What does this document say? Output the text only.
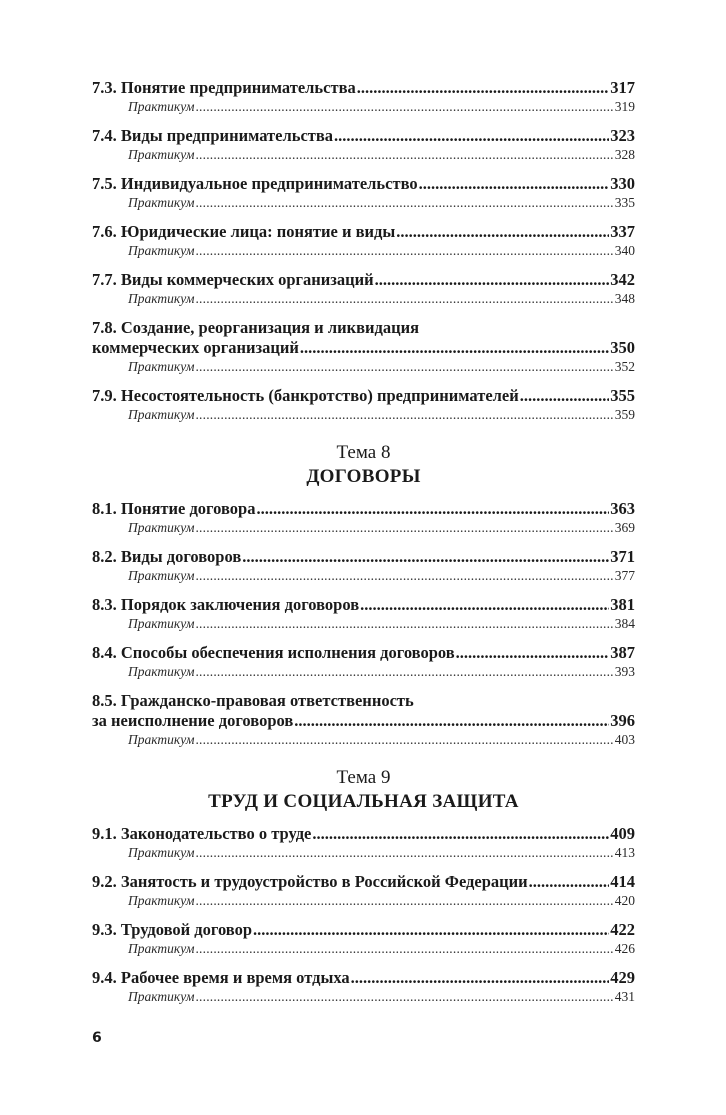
7.3. Понятие предпринимательства .....	317
Практикум .....	319
7.4. Виды предпринимательства .....	323
Практикум .....	328
7.5. Индивидуальное предпринимательство .....	330
Практикум .....	335
7.6. Юридические лица: понятие и виды .....	337
Практикум .....	340
7.7. Виды коммерческих организаций .....	342
Практикум .....	348
7.8. Создание, реорганизация и ликвидация
коммерческих организаций .....	350
Практикум .....	352
7.9. Несостоятельность (банкротство) предпринимателей .....	355
Практикум .....	359
Тема 8
ДОГОВОРЫ
8.1. Понятие договора .....	363
Практикум .....	369
8.2. Виды договоров .....	371
Практикум .....	377
8.3. Порядок заключения договоров .....	381
Практикум .....	384
8.4. Способы обеспечения исполнения договоров .....	387
Практикум .....	393
8.5. Гражданско-правовая ответственность
за неисполнение договоров .....	396
Практикум .....	403
Тема 9
ТРУД И СОЦИАЛЬНАЯ ЗАЩИТА
9.1. Законодательство о труде .....	409
Практикум .....	413
9.2. Занятость и трудоустройство в Российской Федерации .....	414
Практикум .....	420
9.3. Трудовой договор .....	422
Практикум .....	426
9.4. Рабочее время и время отдыха .....	429
Практикум .....	431
6
